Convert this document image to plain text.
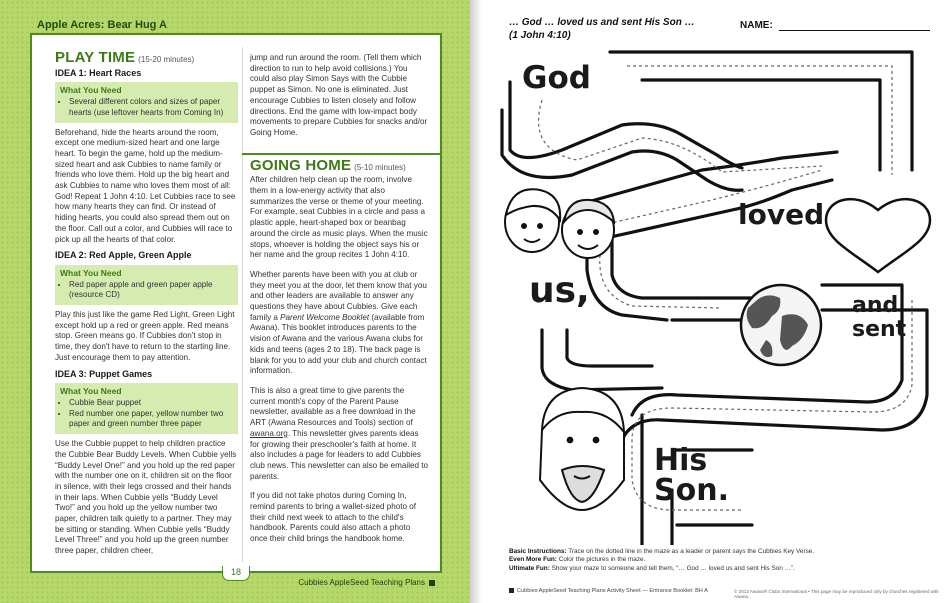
Apple Acres: Bear Hug A
PLAY TIME (15-20 minutes)
IDEA 1: Heart Races
What You Need
• Several different colors and sizes of paper hearts (use leftover hearts from Coming In)

Beforehand, hide the hearts around the room, except one medium-sized heart and one large heart. To begin the game, hold up the medium-sized heart and ask Cubbies to name family or friends who love them. Hold up the big heart and ask Cubbies to name who loves them most of all: God! Repeat 1 John 4:10. Let Cubbies race to see how many hearts they can find. Or instead of hiding hearts, you could also spread them out on the floor. Call out a color, and Cubbies will race to pick up all the hearts of that color.

IDEA 2: Red Apple, Green Apple
What You Need
• Red paper apple and green paper apple (resource CD)

Play this just like the game Red Light, Green Light except hold up a red or green apple. Red means stop. Green means go. If Cubbies don't stop in time, they don't have to return to the starting line. Just encourage them to pay attention.

IDEA 3: Puppet Games
What You Need
• Cubbie Bear puppet
• Red number one paper, yellow number two paper and green number three paper

Use the Cubbie puppet to help children practice the Cubbie Bear Buddy Levels. When Cubbie yells “Buddy Level One!” and you hold up the red paper with the number one on it, children sit on the floor in silence, with their legs crossed and their hands in their laps. When Cubbie yells “Buddy Level Two!” and you hold up the yellow number two paper, children talk quietly to a partner. They may be sitting or standing. When Cubbie yells “Buddy Level Three!” and you hold up the green number three paper, children cheer,

jump and run around the room. (Tell them which direction to run to help avoid collisions.) You could also play Simon Says with the Cubbie puppet as Simon. No one is eliminated. Just encourage Cubbies to listen closely and follow directions. End the game with low-impact body movements to prepare Cubbies for snacks and/or Going Home.

GOING HOME (5-10 minutes)

After children help clean up the room, involve them in a low-energy activity that also summarizes the verse or theme of your meeting. For example, seat Cubbies in a circle and pass a plastic apple, heart-shaped box or beanbag around the circle as music plays. When the music stops, whoever is holding the object says his or her name and the group recites 1 John 4:10.

Whether parents have been with you at club or they meet you at the door, let them know that you and other leaders are available to answer any questions they have about Cubbies. Give each family a Parent Welcome Booklet (available from Awana). This booklet introduces parents to the vision of Awana and the various Awana clubs for kids and teens (ages 2 to 18). The back page is blank for you to add your club and church contact information.

This is also a great time to give parents the current month's copy of the Parent Pause newsletter, available as a free download in the ART (Awana Resources and Tools) section of awana.org. This newsletter gives parents ideas for growing their preschooler's faith at home. It also includes a page for leaders to add Cubbies club news. This newsletter can also be emailed to parents.

If you did not take photos during Coming In, remind parents to bring a wallet-sized photo of their child next week to attach to the child's handbook. Parents could also attach a photo once their child brings the handbook home.

18
Cubbies AppleSeed Teaching Plans
… God … loved us and sent His Son …
(1 John 4:10)
NAME:
God
loved
us,	and
sent
His
Son.
Basic Instructions: Trace on the dotted line in the maze as a leader or parent says the Cubbies Key Verse.
Even More Fun: Color the pictures in the maze.
Ultimate Fun: Show your maze to someone and tell them, “… God … loved us and sent His Son …”.
Cubbies AppleSeed Teaching Plans Activity Sheet — Entrance Booklet: BH A	© 2013 Awana® Clubs International • This page may be reproduced only by churches registered with Awana.
